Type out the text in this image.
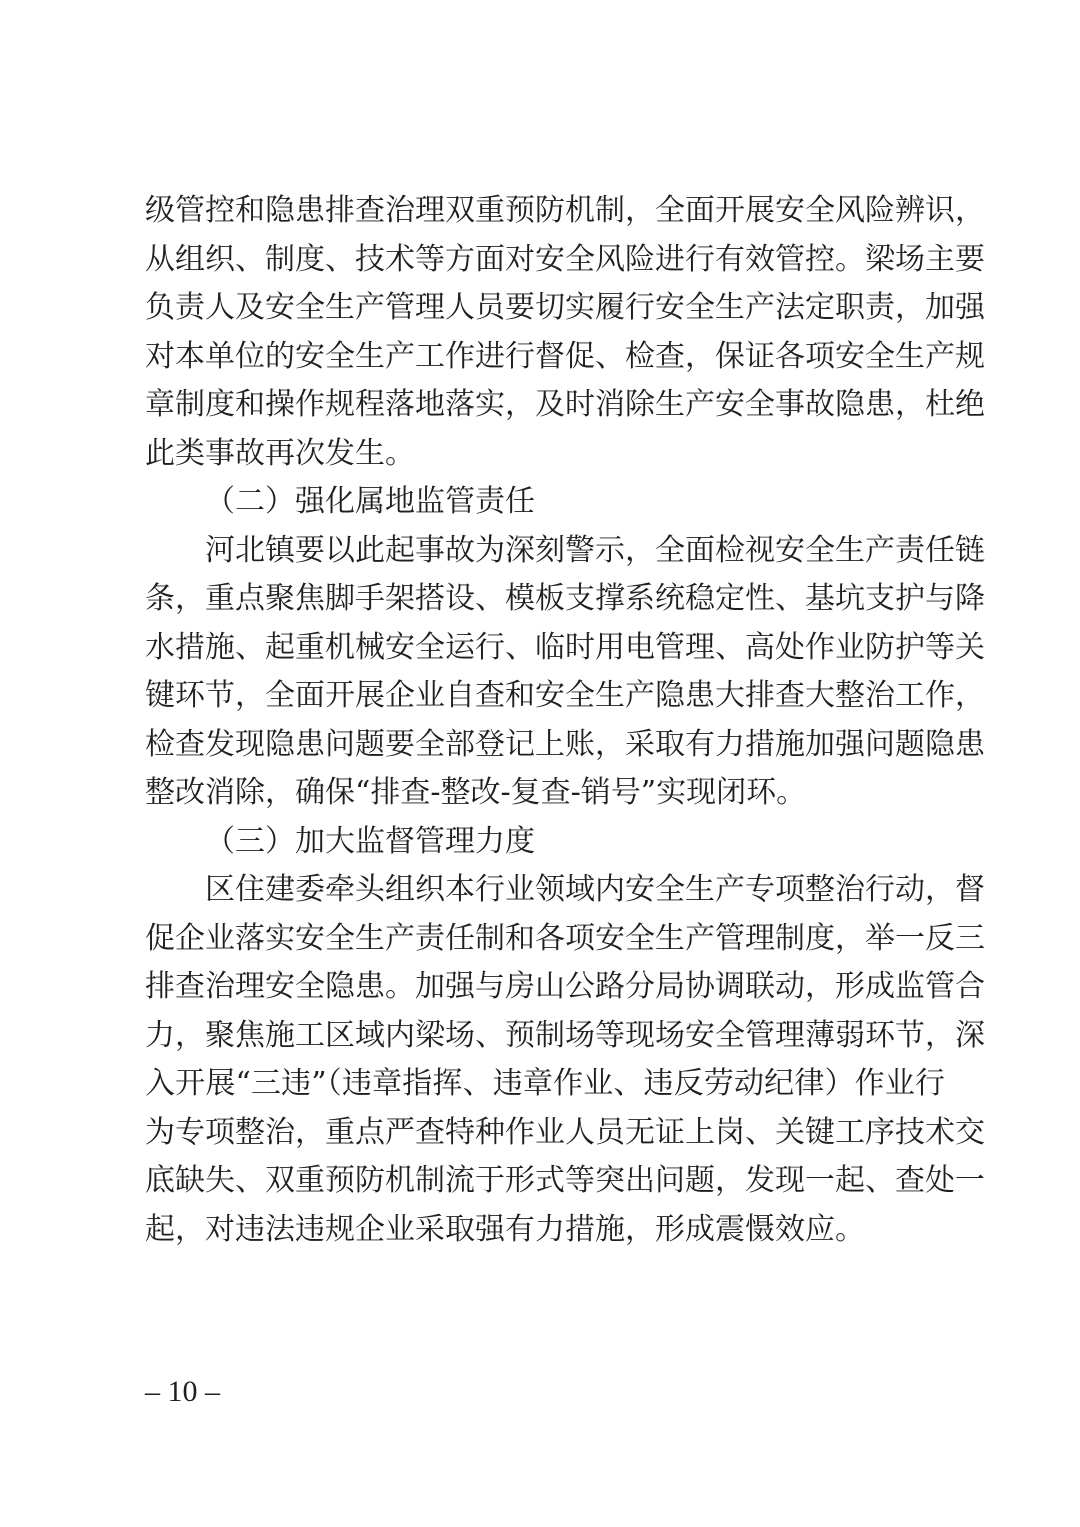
级管控和隐患排查治理双重预防机制，全面开展安全风险辨识，
从组织、制度、技术等方面对安全风险进行有效管控。梁场主要
负责人及安全生产管理人员要切实履行安全生产法定职责，加强
对本单位的安全生产工作进行督促、检查，保证各项安全生产规
章制度和操作规程落地落实，及时消除生产安全事故隐患，杜绝
此类事故再次发生。
（二）强化属地监管责任
河北镇要以此起事故为深刻警示，全面检视安全生产责任链
条，重点聚焦脚手架搭设、模板支撑系统稳定性、基坑支护与降
水措施、起重机械安全运行、临时用电管理、高处作业防护等关
键环节，全面开展企业自查和安全生产隐患大排查大整治工作，
检查发现隐患问题要全部登记上账，采取有力措施加强问题隐患
整改消除，确保“排查-整改-复查-销号”实现闭环。
（三）加大监督管理力度
区住建委牵头组织本行业领域内安全生产专项整治行动，督
促企业落实安全生产责任制和各项安全生产管理制度，举一反三
排查治理安全隐患。加强与房山公路分局协调联动，形成监管合
力，聚焦施工区域内梁场、预制场等现场安全管理薄弱环节，深
入开展“三违”（违章指挥、违章作业、违反劳动纪律）作业行
为专项整治，重点严查特种作业人员无证上岗、关键工序技术交
底缺失、双重预防机制流于形式等突出问题，发现一起、查处一
起，对违法违规企业采取强有力措施，形成震慑效应。
– 10 –
